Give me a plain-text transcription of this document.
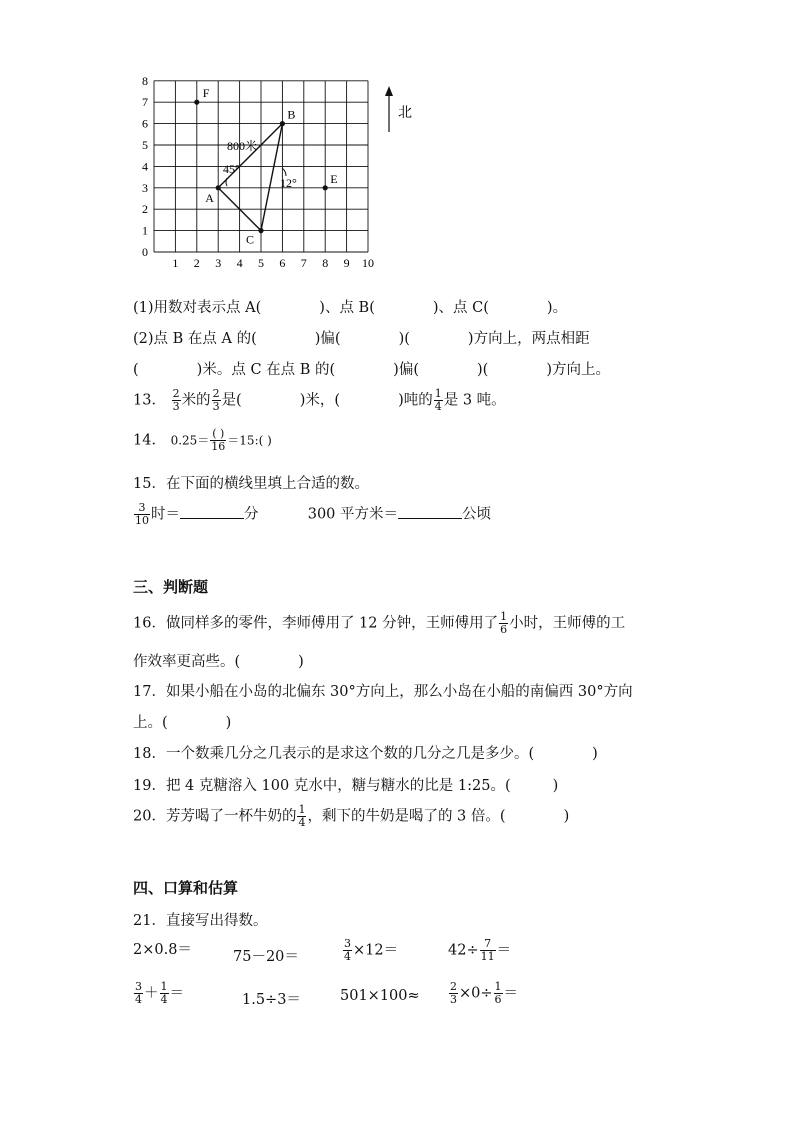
1 2 3 4 5 6 7 8 9 10
0
1
2
3
4
5
6
7
8
F
B
A
E
C
800米
45°
12°
北
(1)用数对表示点 A(	)、点 B(	)、点 C(	)。
(2)点 B 在点 A 的(	)偏(	)(	)方向上，两点相距
(	)米。点 C 在点 B 的(	)偏(	)(	)方向上。
13． $\frac{2}{3}$ 米的 $\frac{2}{3}$ 是(	)米，(	)吨的 $\frac{1}{4}$ 是 3 吨。
14． $0.25= \frac{( )}{16}$ ＝15:( )
15．在下面的横线里填上合适的数。
$\frac{3}{10}$ 时＝	分	300 平方米＝	公顷
三、判断题
16．做同样多的零件，李师傅用了 12 分钟，王师傅用了 $\frac{1}{6}$ 小时，王师傅的工
作效率更高些。(	)
17．如果小船在小岛的北偏东 30°方向上，那么小岛在小船的南偏西 30°方向
上。(	)
18．一个数乘几分之几表示的是求这个数的几分之几是多少。(	)
19．把 4 克糖溶入 100 克水中，糖与糖水的比是 1:25。(	)
20．芳芳喝了一杯牛奶的 $\frac{1}{4}$ ，剩下的牛奶是喝了的 3 倍。(	)
四、口算和估算
21．直接写出得数。
2×0.8＝	75－20＝	$\frac{3}{4} \times 12=$	$42\div \frac{7}{11}$ ＝
$\frac{3}{4} + \frac{1}{4}$ ＝	1.5÷3＝	501×100≈	$\frac{2}{3} \times 0\div \frac{1}{6}$ ＝
